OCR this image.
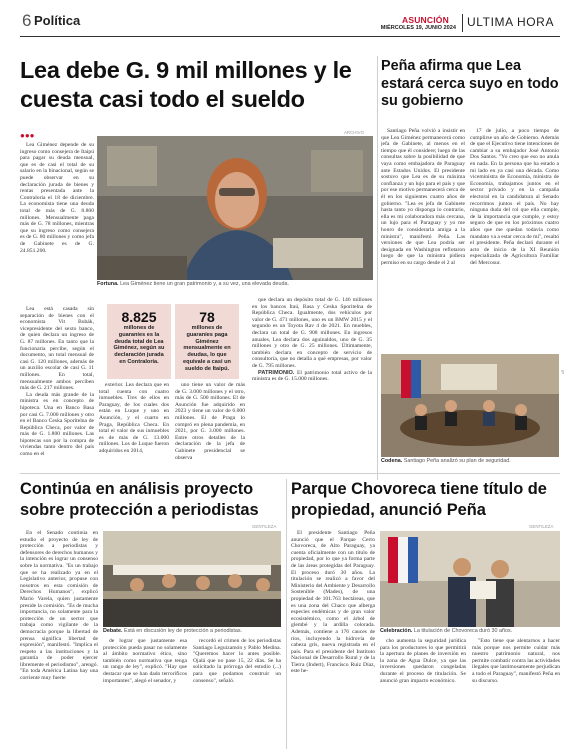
6 Política	ASUNCIÓN
MIÉRCOLES 19, JUNIO 2024 ULTIMA HORA
Lea debe G. 9 mil millones y le cuesta casi todo el sueldo
●●●	ARCHIVO

Lea Giménez depende de su ingreso como consejera de Itaipú para pagar su deuda mensual, que es de casi el total de su salario en la binacional, según se puede observar en su declaración jurada de bienes y rentas presentada ante la Contraloría el 18 de diciembre. La economista tiene una deuda total de más de G. 8.800 millones. Mensualmente paga más de G. 78 millones, mientras que su ingreso como consejera es de G. 80 millones y como jefa de Gabinete es de G. 24.851.200.

Fortuna. Lea Giménez tiene un gran patrimonio y, a su vez, una elevada deuda.

Lea está casada sin separación de bienes con el economista Vit Bubák, vicepresidente del sexto banco, de quien declara un ingreso de G. 87 millones. En tanto que la funcionaria percibe, según el documento, un total mensual de casi G. 120 millones, además de un auxilio escolar de casi G. 11 millones. En total, mensualmente ambos perciben más de G. 217 millones.

La deuda más grande de la ministra es en concepto de hipoteca. Una en Banco Basa por casi G. 7.000 millones y otro en el Banco Ceska Sporitelna de República Checa, por valor de más de G. 1.800 millones. Las hipotecas son por la compra de viviendas tanto dentro del país como en el

8.825
millones de guaraníes es la deuda total de Lea Giménez, según su declaración jurada en Contraloría.
78
millones de guaraníes paga Giménez mensualmente en deudas, lo que equivale a casi un sueldo de Itaipú.

exterior. Lea declara que en total cuenta con cuatro inmuebles. Tres de ellos en Paraguay, de los cuales dos están en Luque y uno en Asunción, y el cuarto en Praga, República Checa. En total el valor de sus inmuebles es de más de G. 13.000 millones. Los de Luque fueron adquiridos en 2014,

uno tiene un valor de más de G. 3.000 millones y el otro, más de G. 500 millones. El de Asunción fue adquirido en 2023 y tiene un valor de 6.000 millones. El de Praga lo compró en plena pandemia, en 2021, por G. 3.000 millones. Entre otros detalles de la declaración de la jefa de Gabinete presidencial se observa

que declara un depósito total de G. 146 millones en los bancos Itaú, Basa y Ceska Sporitelna de República Checa. Igualmente, dos vehículos por valor de G. 471 millones, uno es un BMW 2015 y el segundo es un Toyota Rav 4 de 2021. En muebles, declara un total de G. 908 millones. En ingresos anuales, Lea declara dos aguinaldos, uno de G. 35 millones y otro de G. 25 millones. Últimamente, también declara en concepto de servicio de consultoría, que no detalla a qué empresas, por valor de G. 795 millones.

PATRIMONIO. El patrimonio total activo de la ministra es de G. 15.000 millones.

Peña afirma que Lea estará cerca suyo en todo su gobierno

Santiago Peña volvió a insistir en que Lea Giménez permanecerá como jefa de Gabinete, al menos en el tiempo que él considere; luego de las consultas sobre la posibilidad de que vaya como embajadora de Paraguay ante Estados Unidos. El presidente sostuvo que Lea es de su máxima confianza y un lujo para el país y que por ese motivo permanecerá cerca de él en los siguientes cuatro años de gobierno. "Lea es jefa de Gabinete hasta tanto yo disponga lo contrario, ella es mi colaboradora más cercana, un lujo para el Paraguay y yo me honro de considerarla amiga a la ministra", manifestó Peña. Las versiones de que Lea podría ser designada en Washington reflotaron luego de que la ministra pidiera permiso en su cargo desde el 2 al

17 de julio, a poco tiempo de cumplirse un año de Gobierno. Además de que el Ejecutivo tiene intenciones de cambiar a su embajador José Antonio Dos Santos. "Yo creo que eso no anula en nada. En la persona que ha estado a mi lado en ya casi una década. Como viceministra de Economía, ministra de Economía, trabajamos juntos en el sector privado y en la campaña electoral en la candidatura al Senado recorrimos juntos el país. No hay ninguna duda del rol que ella cumple, de la importancia que cumple, y estoy seguro de que en los próximos cuatro años que me quedan todavía como mandato va a estar cerca de mí", resaltó el presidente. Peña declaró durante el acto de inicio de la XI Reunión especializada de Agricultura Familiar del Mercosur.

IP
Codena. Santiago Peña analizó su plan de seguridad.
Continúa en análisis proyecto sobre protección a periodistas
GENTILEZA

En el Senado continúa en estudio el proyecto de ley de protección a periodistas y defensores de derechos humanos y la intención es lograr un consenso sobre la normativa. "Es un trabajo que se ha realizado ya en el Legislativo anterior, propuse con nosotros en esta comisión de Derechos Humanos", explicó Mario Varela, quien justamente preside la comisión. "Es de mucha importancia, no solamente para la protección de un sector que trabaja como vigilante de la democracia porque la libertad de prensa significa libertad de expresión", manifestó. "Implica el respeto a las instituciones y la garantía de poder ejercer libremente el periodismo", arengó. "En toda América Latina hay una corriente muy fuerte

Debate. Está en discusión ley de protección a periodistas.

de lograr que justamente esa protección pueda pasar no solamente al ámbito normativo ético, sino también como normativa que tenga un rango de ley", explicó. "Hay que destacar que se han dado terroríficos importantes", alegó el senador, y

recordó el crimen de los periodistas Santiago Leguizamón y Pablo Medina. "Queremos hacer lo antes posible. Ojalá que no pase 15, 22 días. Se ha solicitado la prórroga del estudio (...) para que podamos construir un consenso", señaló.

Parque Chovoreca tiene título de propiedad, anunció Peña
GENTILEZA

El presidente Santiago Peña anunció que el Parque Cerro Chovoreca, de Alto Paraguay, ya cuenta oficialmente con un título de propiedad, por lo que ya forma parte de las áreas protegidas del Paraguay. El proceso duró 30 años. La titulación se realizó a favor del Ministerio del Ambiente y Desarrollo Sostenible (Mades), de una propiedad de 101.763 hectáreas, que es una zona del Chaco que alberga especies endémicas y de gran valor ecosistémico, como el árbol de glembé y la ardilla colorada. Además, contiene a 176 cauces de ríos, incluyendo la hidrovía de cabeza gris, nueva registrada en el país. Para el presidente del Instituto Nacional de Desarrollo Rural y de la Tierra (Indert), Francisco Ruiz Díaz, este he-

Celebración. La titulación de Chovoreca duró 30 años.

cho aumenta la seguridad jurídica para los productores lo que permitirá la apertura de planes de inversión en la zona de Agua Dulce, ya que las inversiones quedaron congeladas durante el proceso de titulación. Se anunció gran impacto económico.

"Esto tiene que alentarnos a hacer más porque nos permite cuidar más nuestro patrimonio natural, nos permite combatir contra las actividades ilegales que lastimosamente perjudican a todo el Paraguay", manifestó Peña en su discurso.
